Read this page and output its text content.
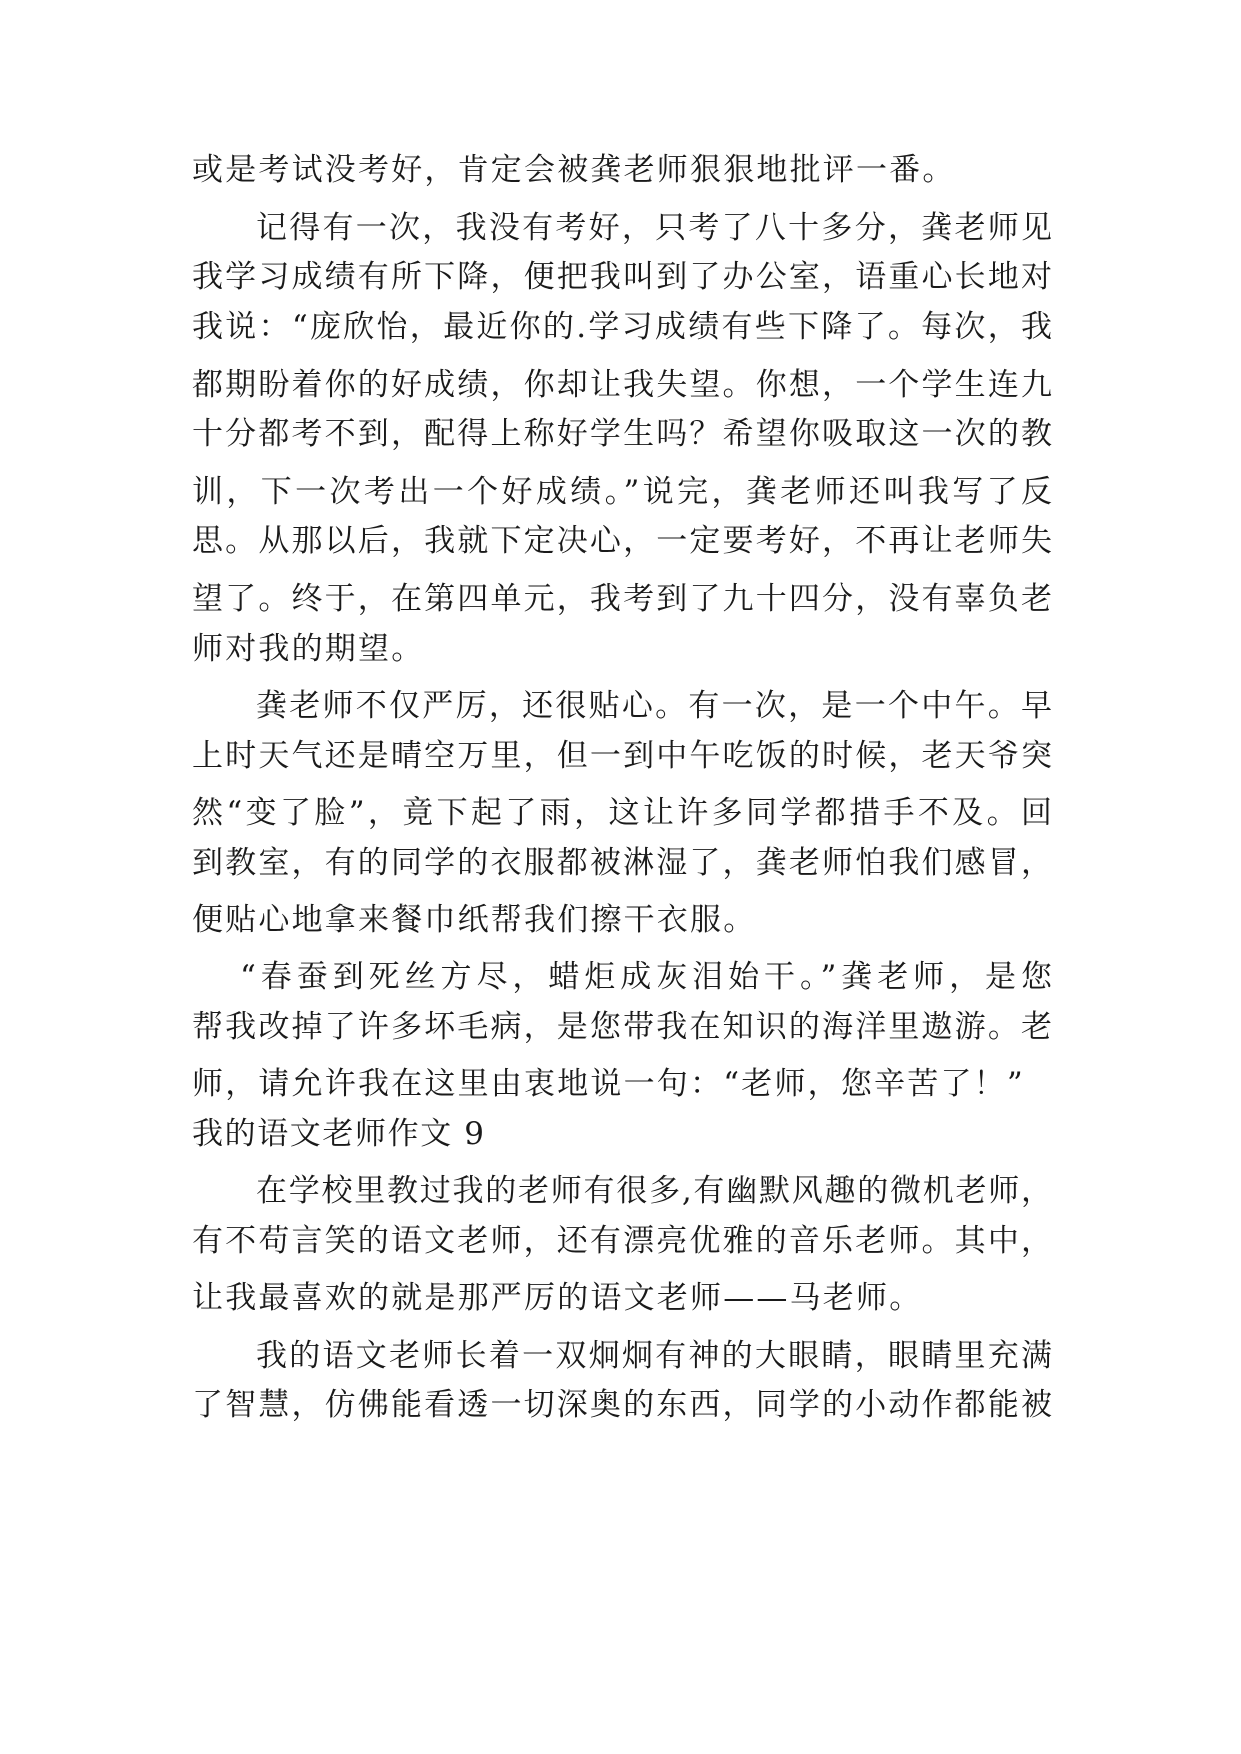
或是考试没考好，肯定会被龚老师狠狠地批评一番。
记得有一次，我没有考好，只考了八十多分，龚老师见
我学习成绩有所下降，便把我叫到了办公室，语重心长地对
我说：“庞欣怡，最近你的.学习成绩有些下降了。每次，我
都期盼着你的好成绩，你却让我失望。你想，一个学生连九
十分都考不到，配得上称好学生吗？希望你吸取这一次的教
训，下一次考出一个好成绩。”说完，龚老师还叫我写了反
思。从那以后，我就下定决心，一定要考好，不再让老师失
望了。终于，在第四单元，我考到了九十四分，没有辜负老
师对我的期望。
龚老师不仅严厉，还很贴心。有一次，是一个中午。早
上时天气还是晴空万里，但一到中午吃饭的时候，老天爷突
然“变了脸”，竟下起了雨，这让许多同学都措手不及。回
到教室，有的同学的衣服都被淋湿了，龚老师怕我们感冒，
便贴心地拿来餐巾纸帮我们擦干衣服。
“春蚕到死丝方尽，蜡炬成灰泪始干。”龚老师，是您
帮我改掉了许多坏毛病，是您带我在知识的海洋里遨游。老
师，请允许我在这里由衷地说一句：“老师，您辛苦了！”
我的语文老师作文 9
在学校里教过我的老师有很多,有幽默风趣的微机老师，
有不苟言笑的语文老师，还有漂亮优雅的音乐老师。其中，
让我最喜欢的就是那严厉的语文老师——马老师。
我的语文老师长着一双炯炯有神的大眼睛，眼睛里充满
了智慧，仿佛能看透一切深奥的东西，同学的小动作都能被
